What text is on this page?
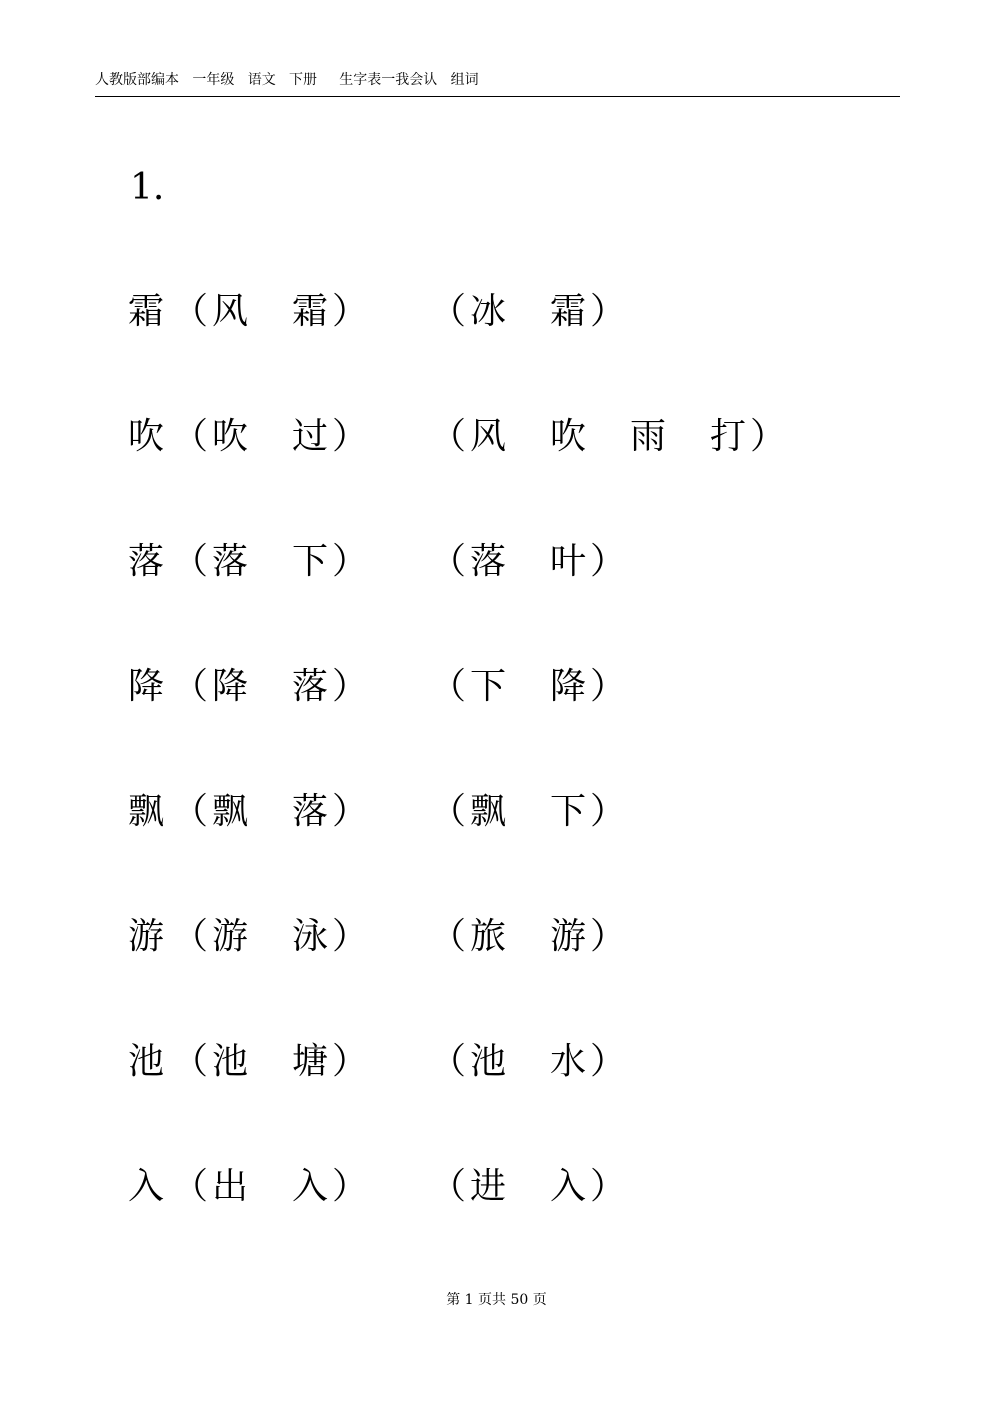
人教版部编本   一年级   语文   下册     生字表一我会认   组词
1.
霜 （ 风 霜 ） （ 冰 霜 ）
吹 （ 吹 过 ） （ 风 吹 雨 打 ）
落 （ 落 下 ） （ 落 叶 ）
降 （ 降 落 ） （ 下 降 ）
飘 （ 飘 落 ） （ 飘 下 ）
游 （ 游 泳 ） （ 旅 游 ）
池 （ 池 塘 ） （ 池 水 ）
入 （ 出 入 ） （ 进 入 ）
第 1 页共 50 页
